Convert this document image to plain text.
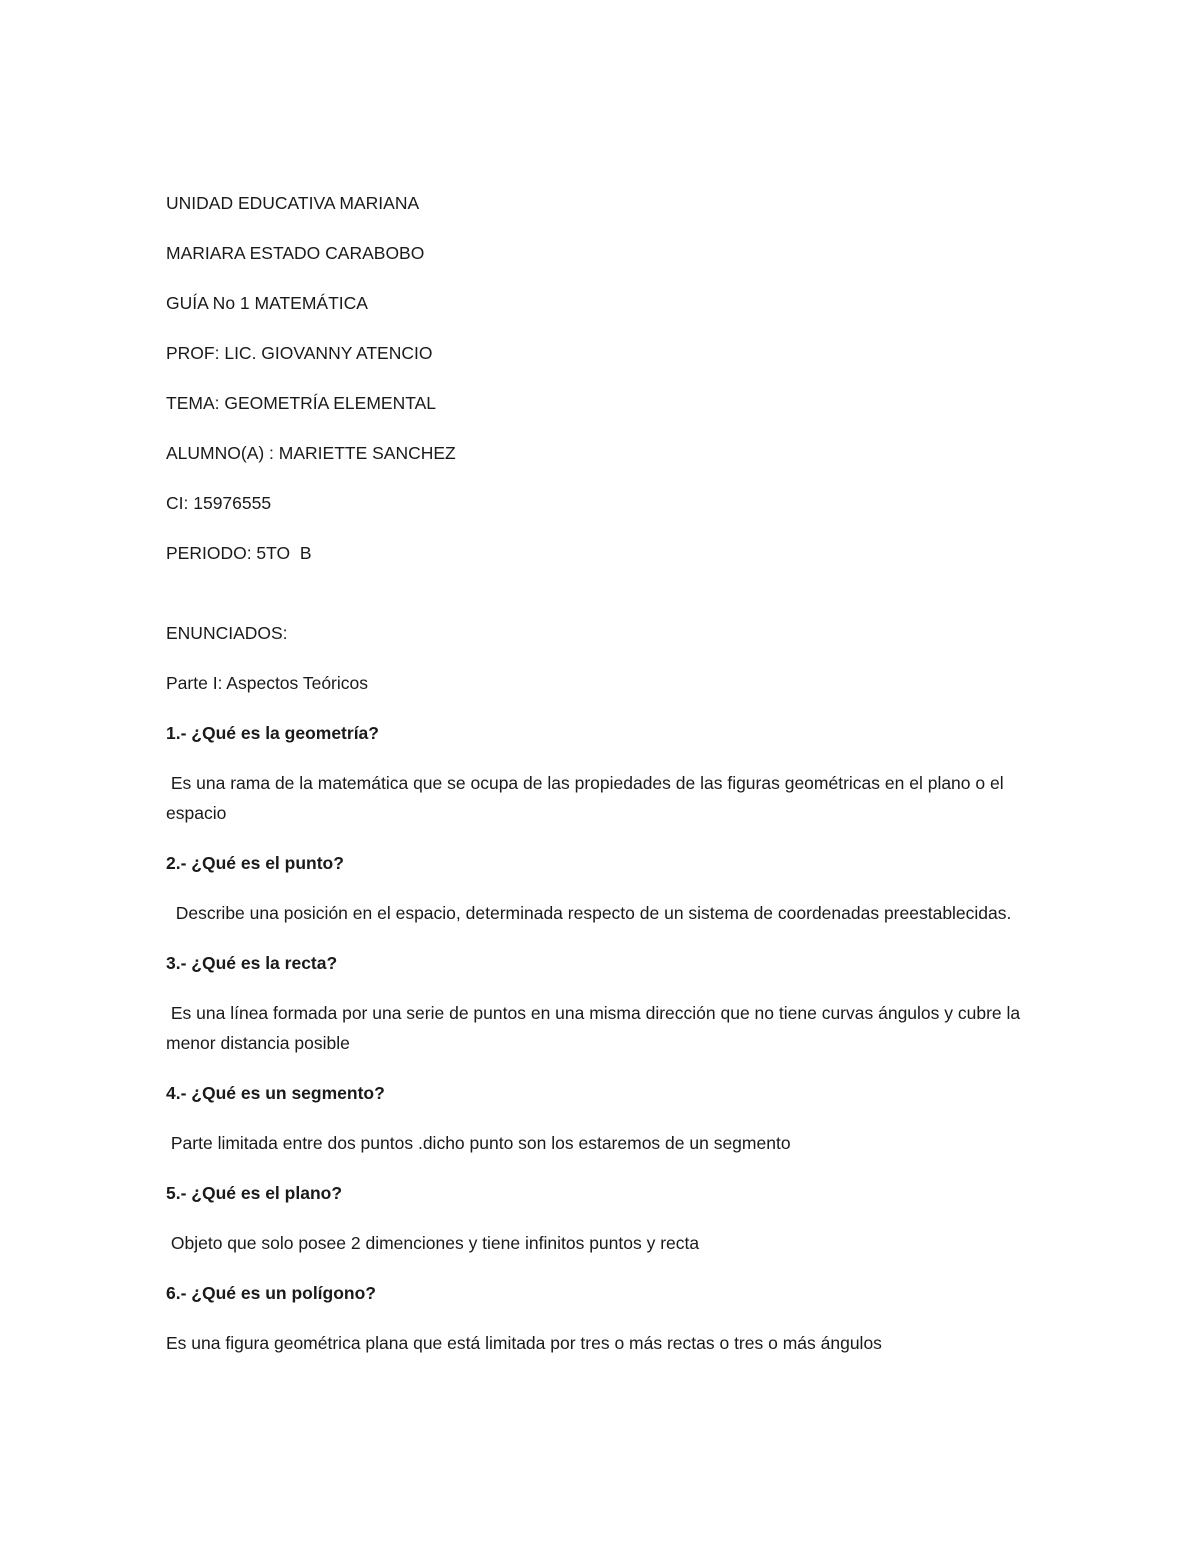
UNIDAD EDUCATIVA MARIANA

MARIARA ESTADO CARABOBO

GUÍA No 1 MATEMÁTICA

PROF: LIC. GIOVANNY ATENCIO

TEMA: GEOMETRÍA ELEMENTAL

ALUMNO(A) : MARIETTE SANCHEZ

CI: 15976555

PERIODO: 5TO  B

ENUNCIADOS:

Parte I: Aspectos Teóricos

1.- ¿Qué es la geometría?

Es una rama de la matemática que se ocupa de las propiedades de las figuras geométricas en el plano o el espacio

2.- ¿Qué es el punto?

Describe una posición en el espacio, determinada respecto de un sistema de coordenadas preestablecidas.

3.- ¿Qué es la recta?

Es una línea formada por una serie de puntos en una misma dirección que no tiene curvas ángulos y cubre la menor distancia posible

4.- ¿Qué es un segmento?

Parte limitada entre dos puntos .dicho punto son los estaremos de un segmento

5.- ¿Qué es el plano?

Objeto que solo posee 2 dimenciones y tiene infinitos puntos y recta

6.- ¿Qué es un polígono?

Es una figura geométrica plana que está limitada por tres o más rectas o tres o más ángulos
